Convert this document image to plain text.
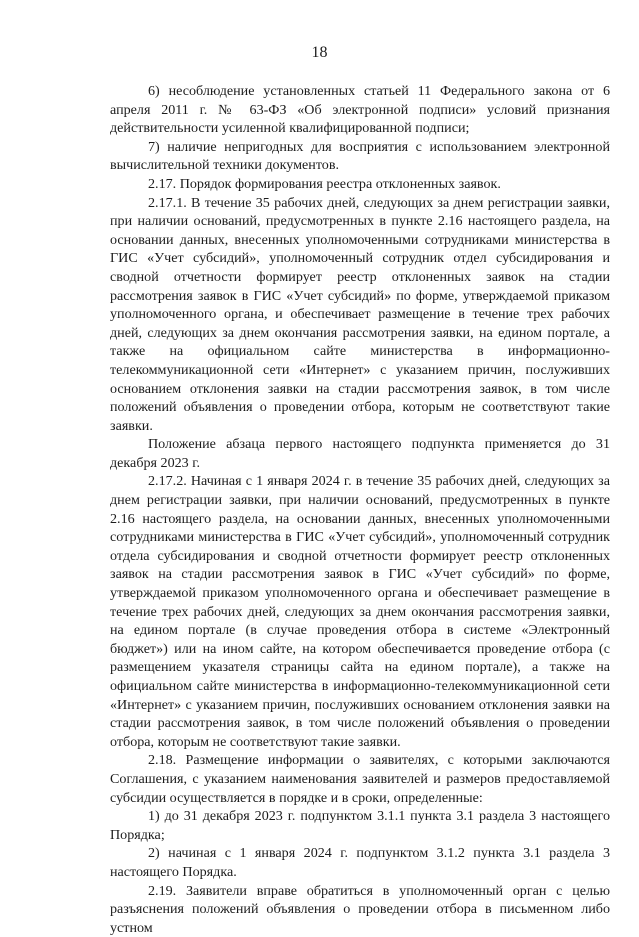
18

6) несоблюдение установленных статьей 11 Федерального закона от 6 апреля 2011 г. № 63-ФЗ «Об электронной подписи» условий признания действительности усиленной квалифицированной подписи;

7) наличие непригодных для восприятия с использованием электронной вычислительной техники документов.

2.17. Порядок формирования реестра отклоненных заявок.

2.17.1. В течение 35 рабочих дней, следующих за днем регистрации заявки, при наличии оснований, предусмотренных в пункте 2.16 настоящего раздела, на основании данных, внесенных уполномоченными сотрудниками министерства в ГИС «Учет субсидий», уполномоченный сотрудник отдел субсидирования и сводной отчетности формирует реестр отклоненных заявок на стадии рассмотрения заявок в ГИС «Учет субсидий» по форме, утверждаемой приказом уполномоченного органа, и обеспечивает размещение в течение трех рабочих дней, следующих за днем окончания рассмотрения заявки, на едином портале, а также на официальном сайте министерства в информационно-телекоммуникационной сети «Интернет» с указанием причин, послуживших основанием отклонения заявки на стадии рассмотрения заявок, в том числе положений объявления о проведении отбора, которым не соответствуют такие заявки.

Положение абзаца первого настоящего подпункта применяется до 31 декабря 2023 г.

2.17.2. Начиная с 1 января 2024 г. в течение 35 рабочих дней, следующих за днем регистрации заявки, при наличии оснований, предусмотренных в пункте 2.16 настоящего раздела, на основании данных, внесенных уполномоченными сотрудниками министерства в ГИС «Учет субсидий», уполномоченный сотрудник отдела субсидирования и сводной отчетности формирует реестр отклоненных заявок на стадии рассмотрения заявок в ГИС «Учет субсидий» по форме, утверждаемой приказом уполномоченного органа и обеспечивает размещение в течение трех рабочих дней, следующих за днем окончания рассмотрения заявки, на едином портале (в случае проведения отбора в системе «Электронный бюджет») или на ином сайте, на котором обеспечивается проведение отбора (с размещением указателя страницы сайта на едином портале), а также на официальном сайте министерства в информационно-телекоммуникационной сети «Интернет» с указанием причин, послуживших основанием отклонения заявки на стадии рассмотрения заявок, в том числе положений объявления о проведении отбора, которым не соответствуют такие заявки.

2.18. Размещение информации о заявителях, с которыми заключаются Соглашения, с указанием наименования заявителей и размеров предоставляемой субсидии осуществляется в порядке и в сроки, определенные:

1) до 31 декабря 2023 г. подпунктом 3.1.1 пункта 3.1 раздела 3 настоящего Порядка;

2) начиная с 1 января 2024 г. подпунктом 3.1.2 пункта 3.1 раздела 3 настоящего Порядка.

2.19. Заявители вправе обратиться в уполномоченный орган с целью разъяснения положений объявления о проведении отбора в письменном либо устном
